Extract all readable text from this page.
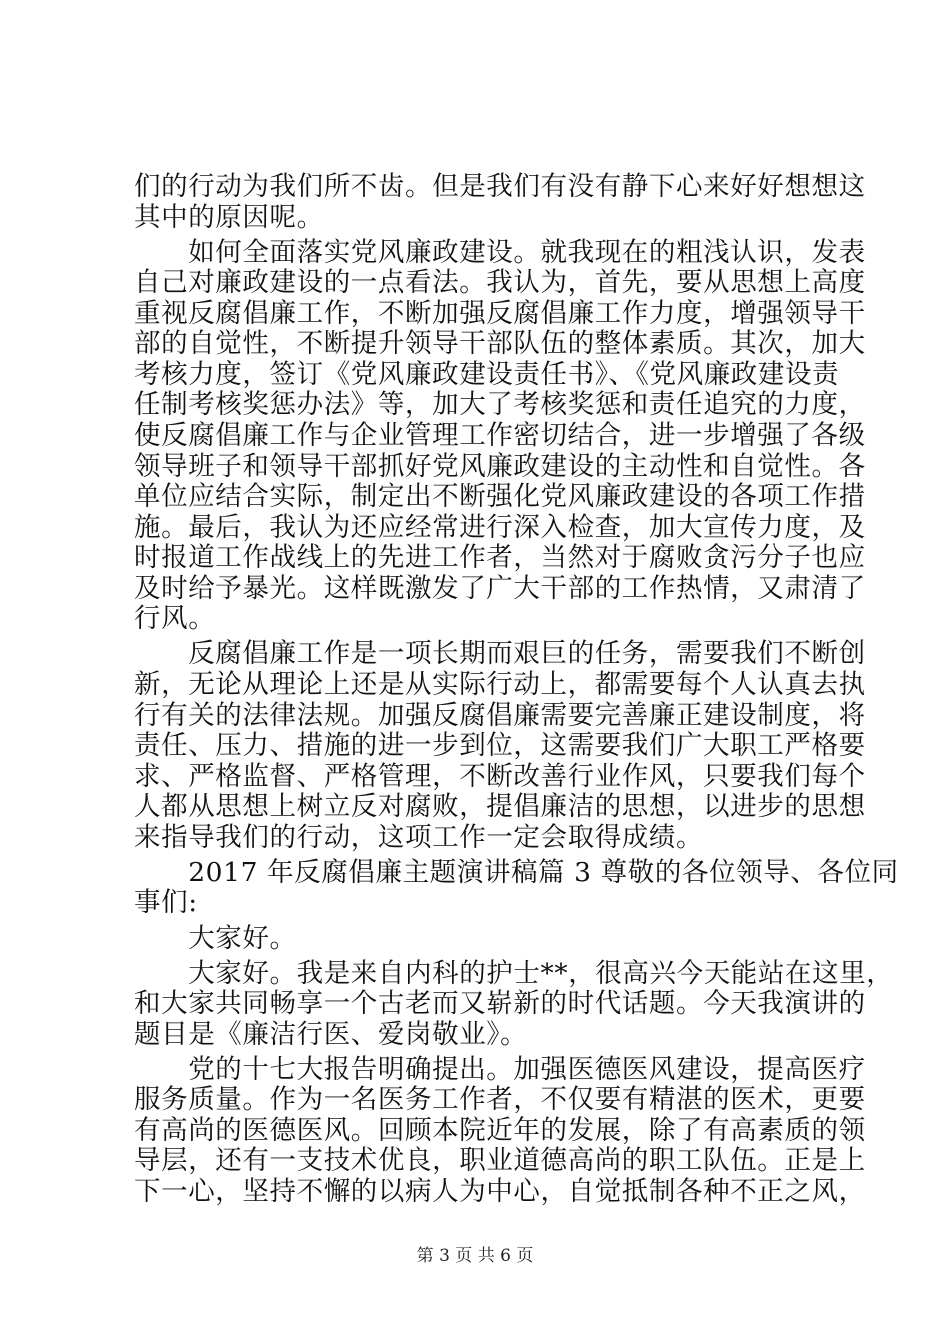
们的行动为我们所不齿。但是我们有没有静下心来好好想想这
其中的原因呢。
　　如何全面落实党风廉政建设。就我现在的粗浅认识，发表
自己对廉政建设的一点看法。我认为，首先，要从思想上高度
重视反腐倡廉工作，不断加强反腐倡廉工作力度，增强领导干
部的自觉性，不断提升领导干部队伍的整体素质。其次，加大
考核力度，签订《党风廉政建设责任书》、《党风廉政建设责
任制考核奖惩办法》等，加大了考核奖惩和责任追究的力度，
使反腐倡廉工作与企业管理工作密切结合，进一步增强了各级
领导班子和领导干部抓好党风廉政建设的主动性和自觉性。各
单位应结合实际，制定出不断强化党风廉政建设的各项工作措
施。最后，我认为还应经常进行深入检查，加大宣传力度，及
时报道工作战线上的先进工作者，当然对于腐败贪污分子也应
及时给予暴光。这样既激发了广大干部的工作热情，又肃清了
行风。
　　反腐倡廉工作是一项长期而艰巨的任务，需要我们不断创
新，无论从理论上还是从实际行动上，都需要每个人认真去执
行有关的法律法规。加强反腐倡廉需要完善廉正建设制度，将
责任、压力、措施的进一步到位，这需要我们广大职工严格要
求、严格监督、严格管理，不断改善行业作风，只要我们每个
人都从思想上树立反对腐败，提倡廉洁的思想，以进步的思想
来指导我们的行动，这项工作一定会取得成绩。
　　2017 年反腐倡廉主题演讲稿篇 3 尊敬的各位领导、各位同
事们:
　　大家好。
　　大家好。我是来自内科的护士**，很高兴今天能站在这里，
和大家共同畅享一个古老而又崭新的时代话题。今天我演讲的
题目是《廉洁行医、爱岗敬业》。
　　党的十七大报告明确提出。加强医德医风建设，提高医疗
服务质量。作为一名医务工作者，不仅要有精湛的医术，更要
有高尚的医德医风。回顾本院近年的发展，除了有高素质的领
导层，还有一支技术优良，职业道德高尚的职工队伍。正是上
下一心，坚持不懈的以病人为中心，自觉抵制各种不正之风，
第 3 页 共 6 页
